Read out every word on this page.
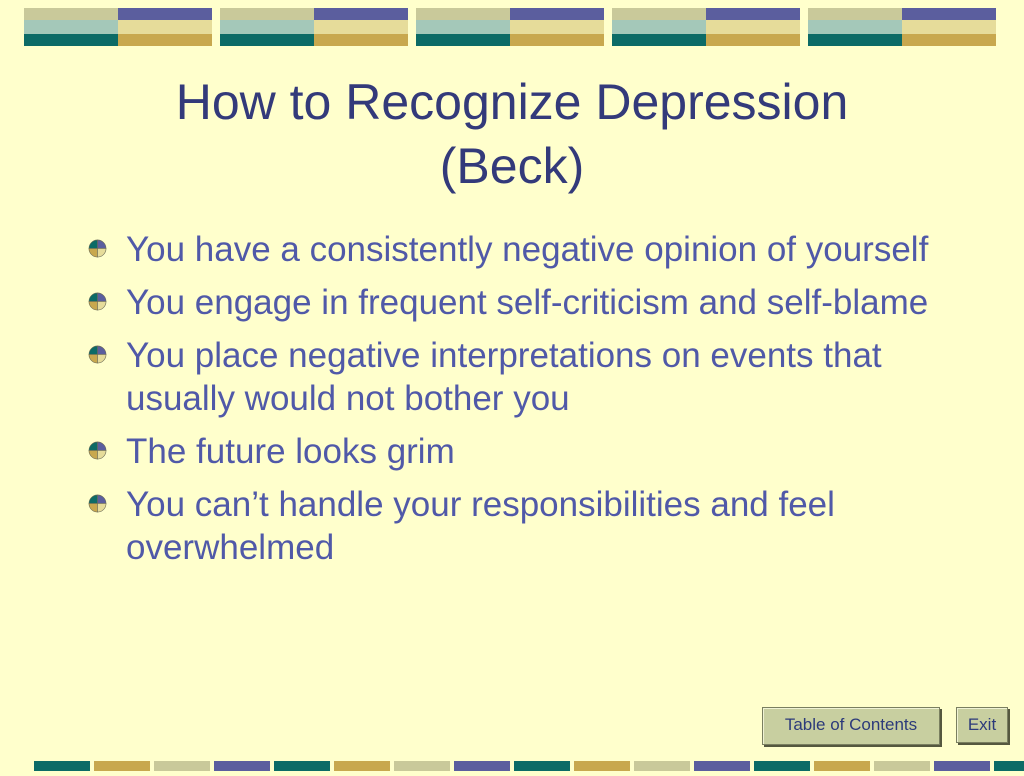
How to Recognize Depression
(Beck)
You have a consistently negative opinion of yourself
You engage in frequent self-criticism and self-blame
You place negative interpretations on events that usually would not bother you
The future looks grim
You can’t handle your responsibilities and feel overwhelmed
Table of Contents	Exit
